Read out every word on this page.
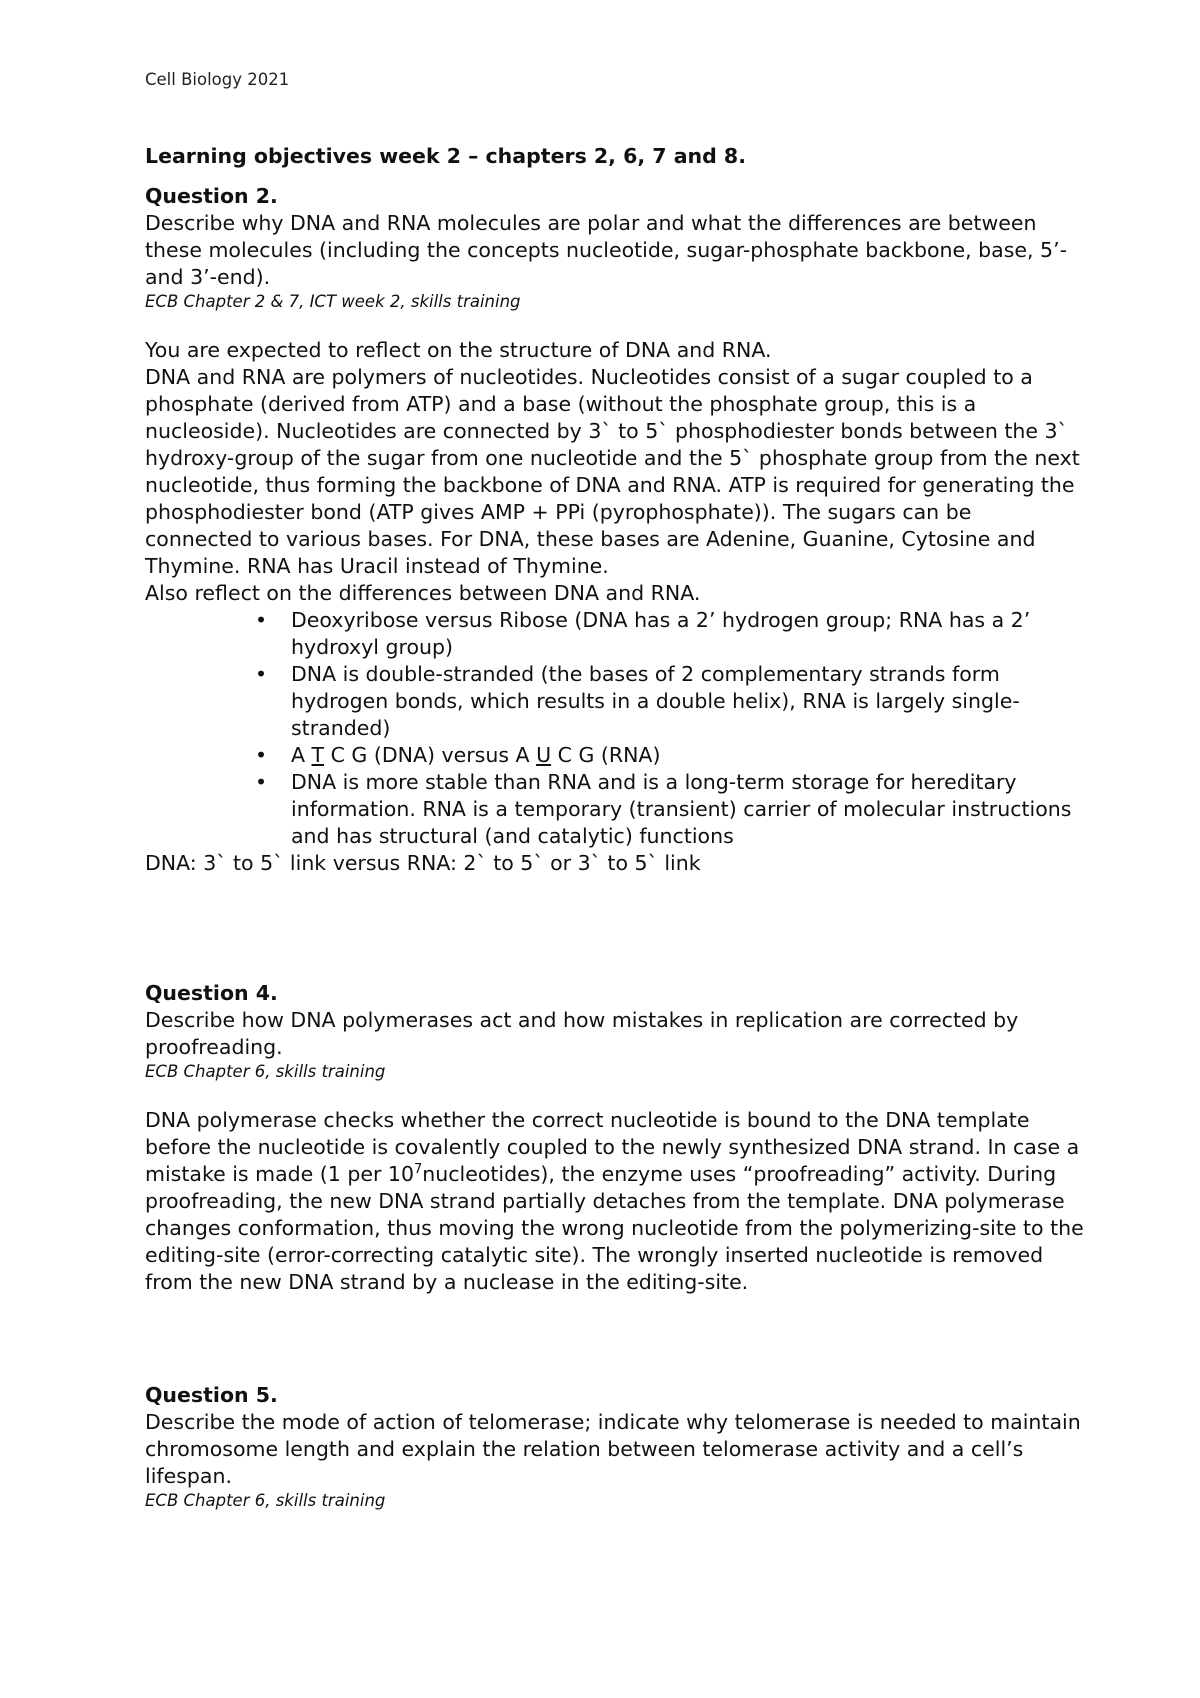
Cell Biology 2021
Learning objectives week 2 – chapters 2, 6, 7 and 8.
Question 2.

Describe why DNA and RNA molecules are polar and what the differences are between these molecules (including the concepts nucleotide, sugar-phosphate backbone, base, 5’- and 3’-end).

ECB Chapter 2 & 7, ICT week 2, skills training

You are expected to reflect on the structure of DNA and RNA.

DNA and RNA are polymers of nucleotides. Nucleotides consist of a sugar coupled to a phosphate (derived from ATP) and a base (without the phosphate group, this is a nucleoside). Nucleotides are connected by 3` to 5` phosphodiester bonds between the 3` hydroxy-group of the sugar from one nucleotide and the 5` phosphate group from the next nucleotide, thus forming the backbone of DNA and RNA. ATP is required for generating the phosphodiester bond (ATP gives AMP + PPi (pyrophosphate)). The sugars can be connected to various bases. For DNA, these bases are Adenine, Guanine, Cytosine and Thymine. RNA has Uracil instead of Thymine.

Also reflect on the differences between DNA and RNA.

• Deoxyribose versus Ribose (DNA has a 2’ hydrogen group; RNA has a 2’ hydroxyl group)
• DNA is double-stranded (the bases of 2 complementary strands form hydrogen bonds, which results in a double helix), RNA is largely single-stranded)
• A T C G (DNA) versus A U C G (RNA)
• DNA is more stable than RNA and is a long-term storage for hereditary information. RNA is a temporary (transient) carrier of molecular instructions and has structural (and catalytic) functions

DNA: 3` to 5` link versus RNA: 2` to 5` or 3` to 5` link

Question 4.

Describe how DNA polymerases act and how mistakes in replication are corrected by proofreading.

ECB Chapter 6, skills training

DNA polymerase checks whether the correct nucleotide is bound to the DNA template before the nucleotide is covalently coupled to the newly synthesized DNA strand. In case a mistake is made (1 per $10^7nucleotides$), the enzyme uses “proofreading” activity. During proofreading, the new DNA strand partially detaches from the template. DNA polymerase changes conformation, thus moving the wrong nucleotide from the polymerizing-site to the editing-site (error-correcting catalytic site). The wrongly inserted nucleotide is removed from the new DNA strand by a nuclease in the editing-site.

Question 5.

Describe the mode of action of telomerase; indicate why telomerase is needed to maintain chromosome length and explain the relation between telomerase activity and a cell’s lifespan.

ECB Chapter 6, skills training
